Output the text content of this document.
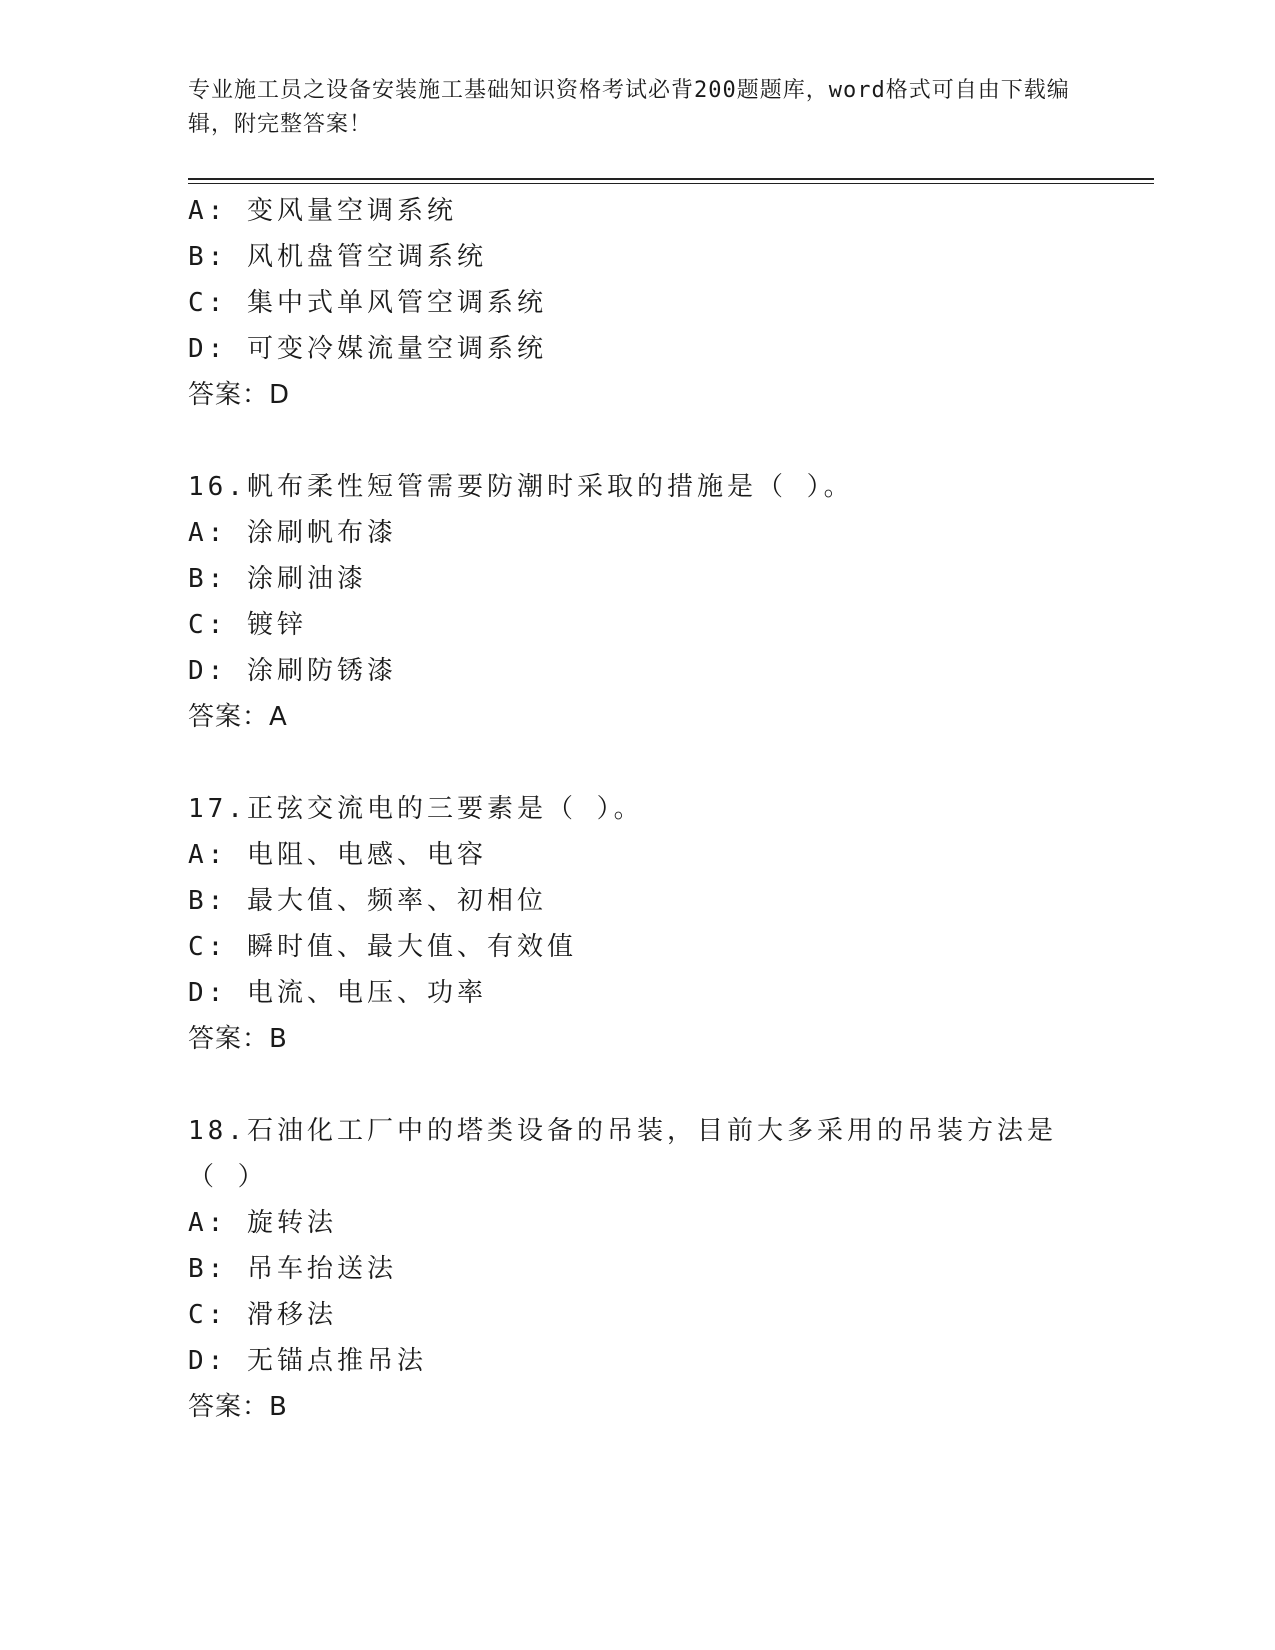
专业施工员之设备安装施工基础知识资格考试必背200题题库，word格式可自由下载编辑，附完整答案！

A: 变风量空调系统
B: 风机盘管空调系统
C: 集中式单风管空调系统
D: 可变冷媒流量空调系统
答案：D
16.帆布柔性短管需要防潮时采取的措施是（ ）。
A: 涂刷帆布漆
B: 涂刷油漆
C: 镀锌
D: 涂刷防锈漆
答案：A
17.正弦交流电的三要素是（ ）。
A: 电阻、电感、电容
B: 最大值、频率、初相位
C: 瞬时值、最大值、有效值
D: 电流、电压、功率
答案：B
18.石油化工厂中的塔类设备的吊装，目前大多采用的吊装方法是（ ）
A: 旋转法
B: 吊车抬送法
C: 滑移法
D: 无锚点推吊法
答案：B
